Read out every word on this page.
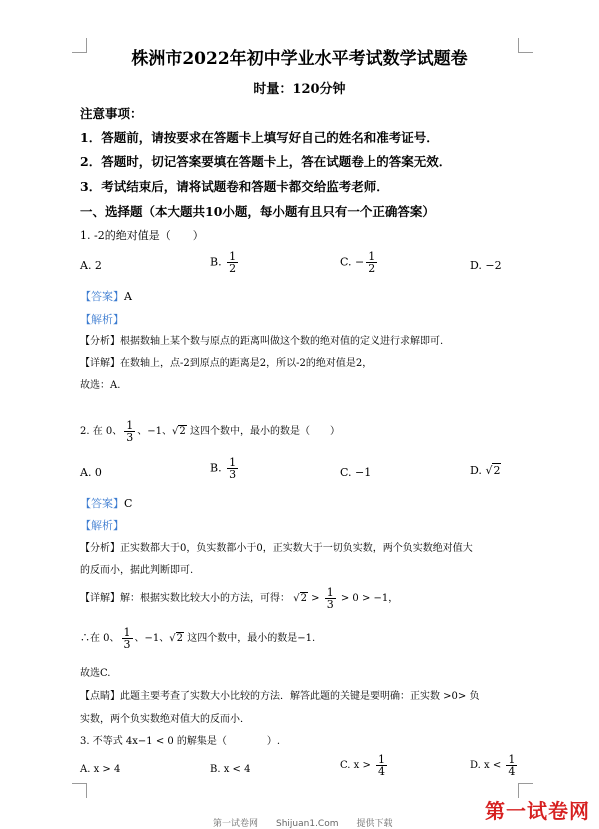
株洲市2022年初中学业水平考试数学试题卷
时量：120分钟
注意事项：
1．答题前，请按要求在答题卡上填写好自己的姓名和准考证号．
2．答题时，切记答案要填在答题卡上，答在试题卷上的答案无效．
3．考试结束后，请将试题卷和答题卡都交给监考老师．
一、选择题（本大题共10小题，每小题有且只有一个正确答案）
1. -2的绝对值是（　　）
A. 2	B. $\frac{1}{2}$	C. − $\frac{1}{2}$	D. −2
【答案】A
【解析】
【分析】根据数轴上某个数与原点的距离叫做这个数的绝对值的定义进行求解即可.
【详解】在数轴上，点-2到原点的距离是2，所以-2的绝对值是2，
故选：A.
2. 在 0、 $\frac{1}{3}$ 、−1、√2 这四个数中，最小的数是（　　）
A. 0	B. $\frac{1}{3}$	C. −1	D. √2
【答案】C
【解析】
【分析】正实数都大于0，负实数都小于0，正实数大于一切负实数，两个负实数绝对值大
的反而小，据此判断即可.
【详解】解：根据实数比较大小的方法，可得： $√2 > \frac{1}{3} > 0 > -1$，
∴在 0、 $\frac{1}{3}$ 、−1、√2 这四个数中，最小的数是−1.
故选C.
【点睛】此题主要考查了实数大小比较的方法．解答此题的关键是要明确：正实数 >0> 负
实数，两个负实数绝对值大的反而小．
3. 不等式 4x−1 < 0 的解集是（　　　　）.
A. x > 4	B. x < 4	C. $x > \frac{1}{4}$	D. $x < \frac{1}{4}$
第一试卷网　　Shijuan1.Com　　提供下载
第一试卷网
